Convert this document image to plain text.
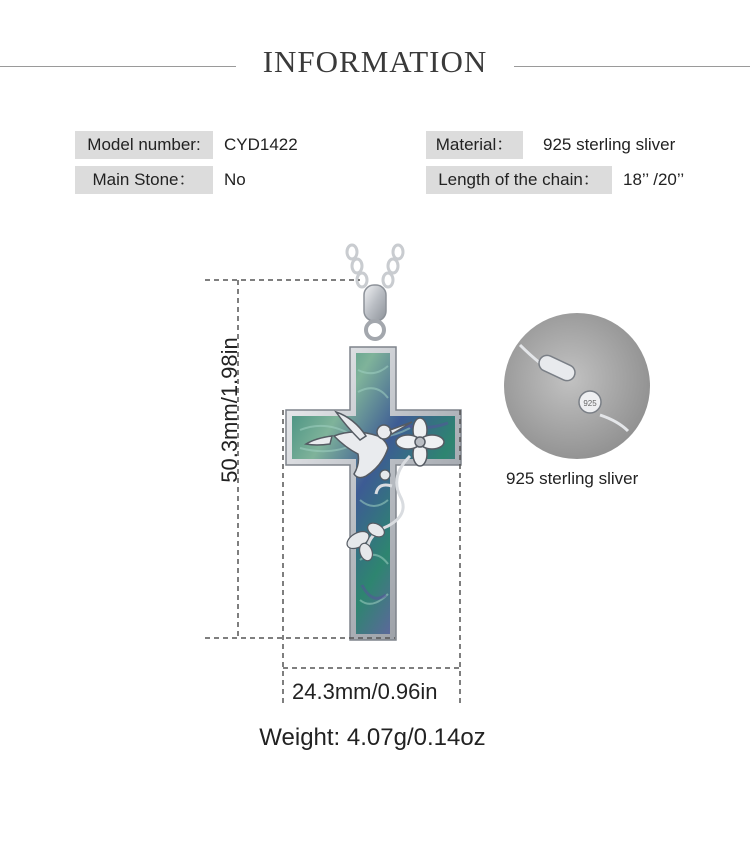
INFORMATION
Model number:	CYD1422	Material：	925 sterling sliver
Main Stone：	No	Length of the chain：	18’’ /20’’
925
50.3mm/1.98in
24.3mm/0.96in
925 sterling sliver
Weight: 4.07g/0.14oz
